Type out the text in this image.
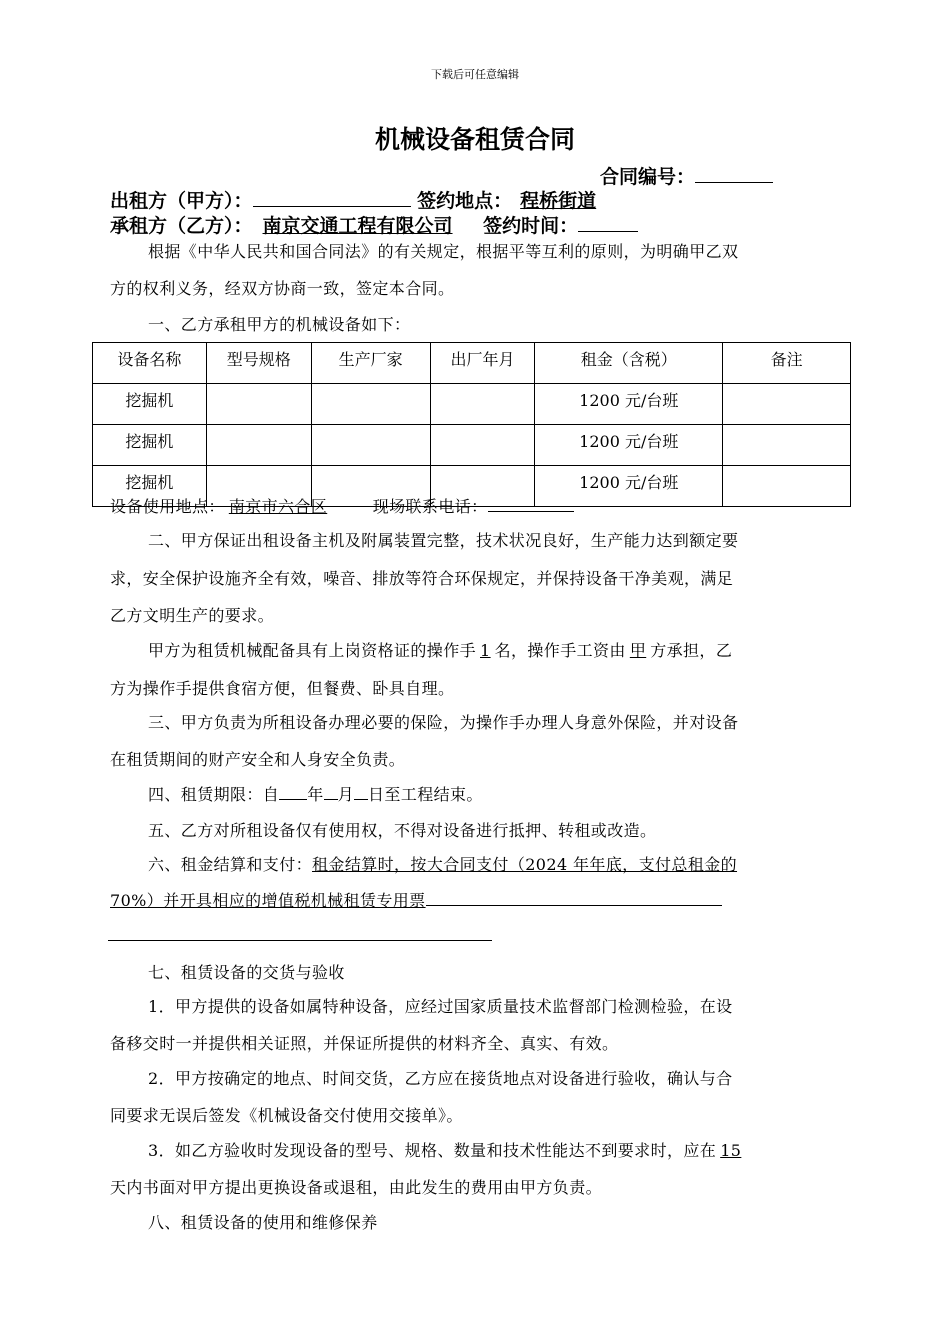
下载后可任意编辑
机械设备租赁合同
合同编号：
出租方（甲方）：	签约地点： 程桥街道
承租方（乙方）： 南京交通工程有限公司 签约时间：
根据《中华人民共和国合同法》的有关规定，根据平等互利的原则，为明确甲乙双
方的权利义务，经双方协商一致，签定本合同。
一、乙方承租甲方的机械设备如下：
设备名称	型号规格	生产厂家	出厂年月	租金（含税）	备注
挖掘机				1200 元/台班	
挖掘机				1200 元/台班	
挖掘机				1200 元/台班	
设备使用地点： 南京市六合区	现场联系电话：
二、甲方保证出租设备主机及附属装置完整，技术状况良好，生产能力达到额定要
求，安全保护设施齐全有效，噪音、排放等符合环保规定，并保持设备干净美观，满足
乙方文明生产的要求。
甲方为租赁机械配备具有上岗资格证的操作手 1 名，操作手工资由 甲 方承担，乙
方为操作手提供食宿方便，但餐费、卧具自理。
三、甲方负责为所租设备办理必要的保险，为操作手办理人身意外保险，并对设备
在租赁期间的财产安全和人身安全负责。
四、租赁期限：自 年 月 日至工程结束。
五、乙方对所租设备仅有使用权，不得对设备进行抵押、转租或改造。
六、租金结算和支付：租金结算时，按大合同支付（2024 年年底，支付总租金的
70%）并开具相应的增值税机械租赁专用票
七、租赁设备的交货与验收
1．甲方提供的设备如属特种设备，应经过国家质量技术监督部门检测检验，在设
备移交时一并提供相关证照，并保证所提供的材料齐全、真实、有效。
2．甲方按确定的地点、时间交货，乙方应在接货地点对设备进行验收，确认与合
同要求无误后签发《机械设备交付使用交接单》。
3．如乙方验收时发现设备的型号、规格、数量和技术性能达不到要求时，应在 15
天内书面对甲方提出更换设备或退租，由此发生的费用由甲方负责。
八、租赁设备的使用和维修保养
